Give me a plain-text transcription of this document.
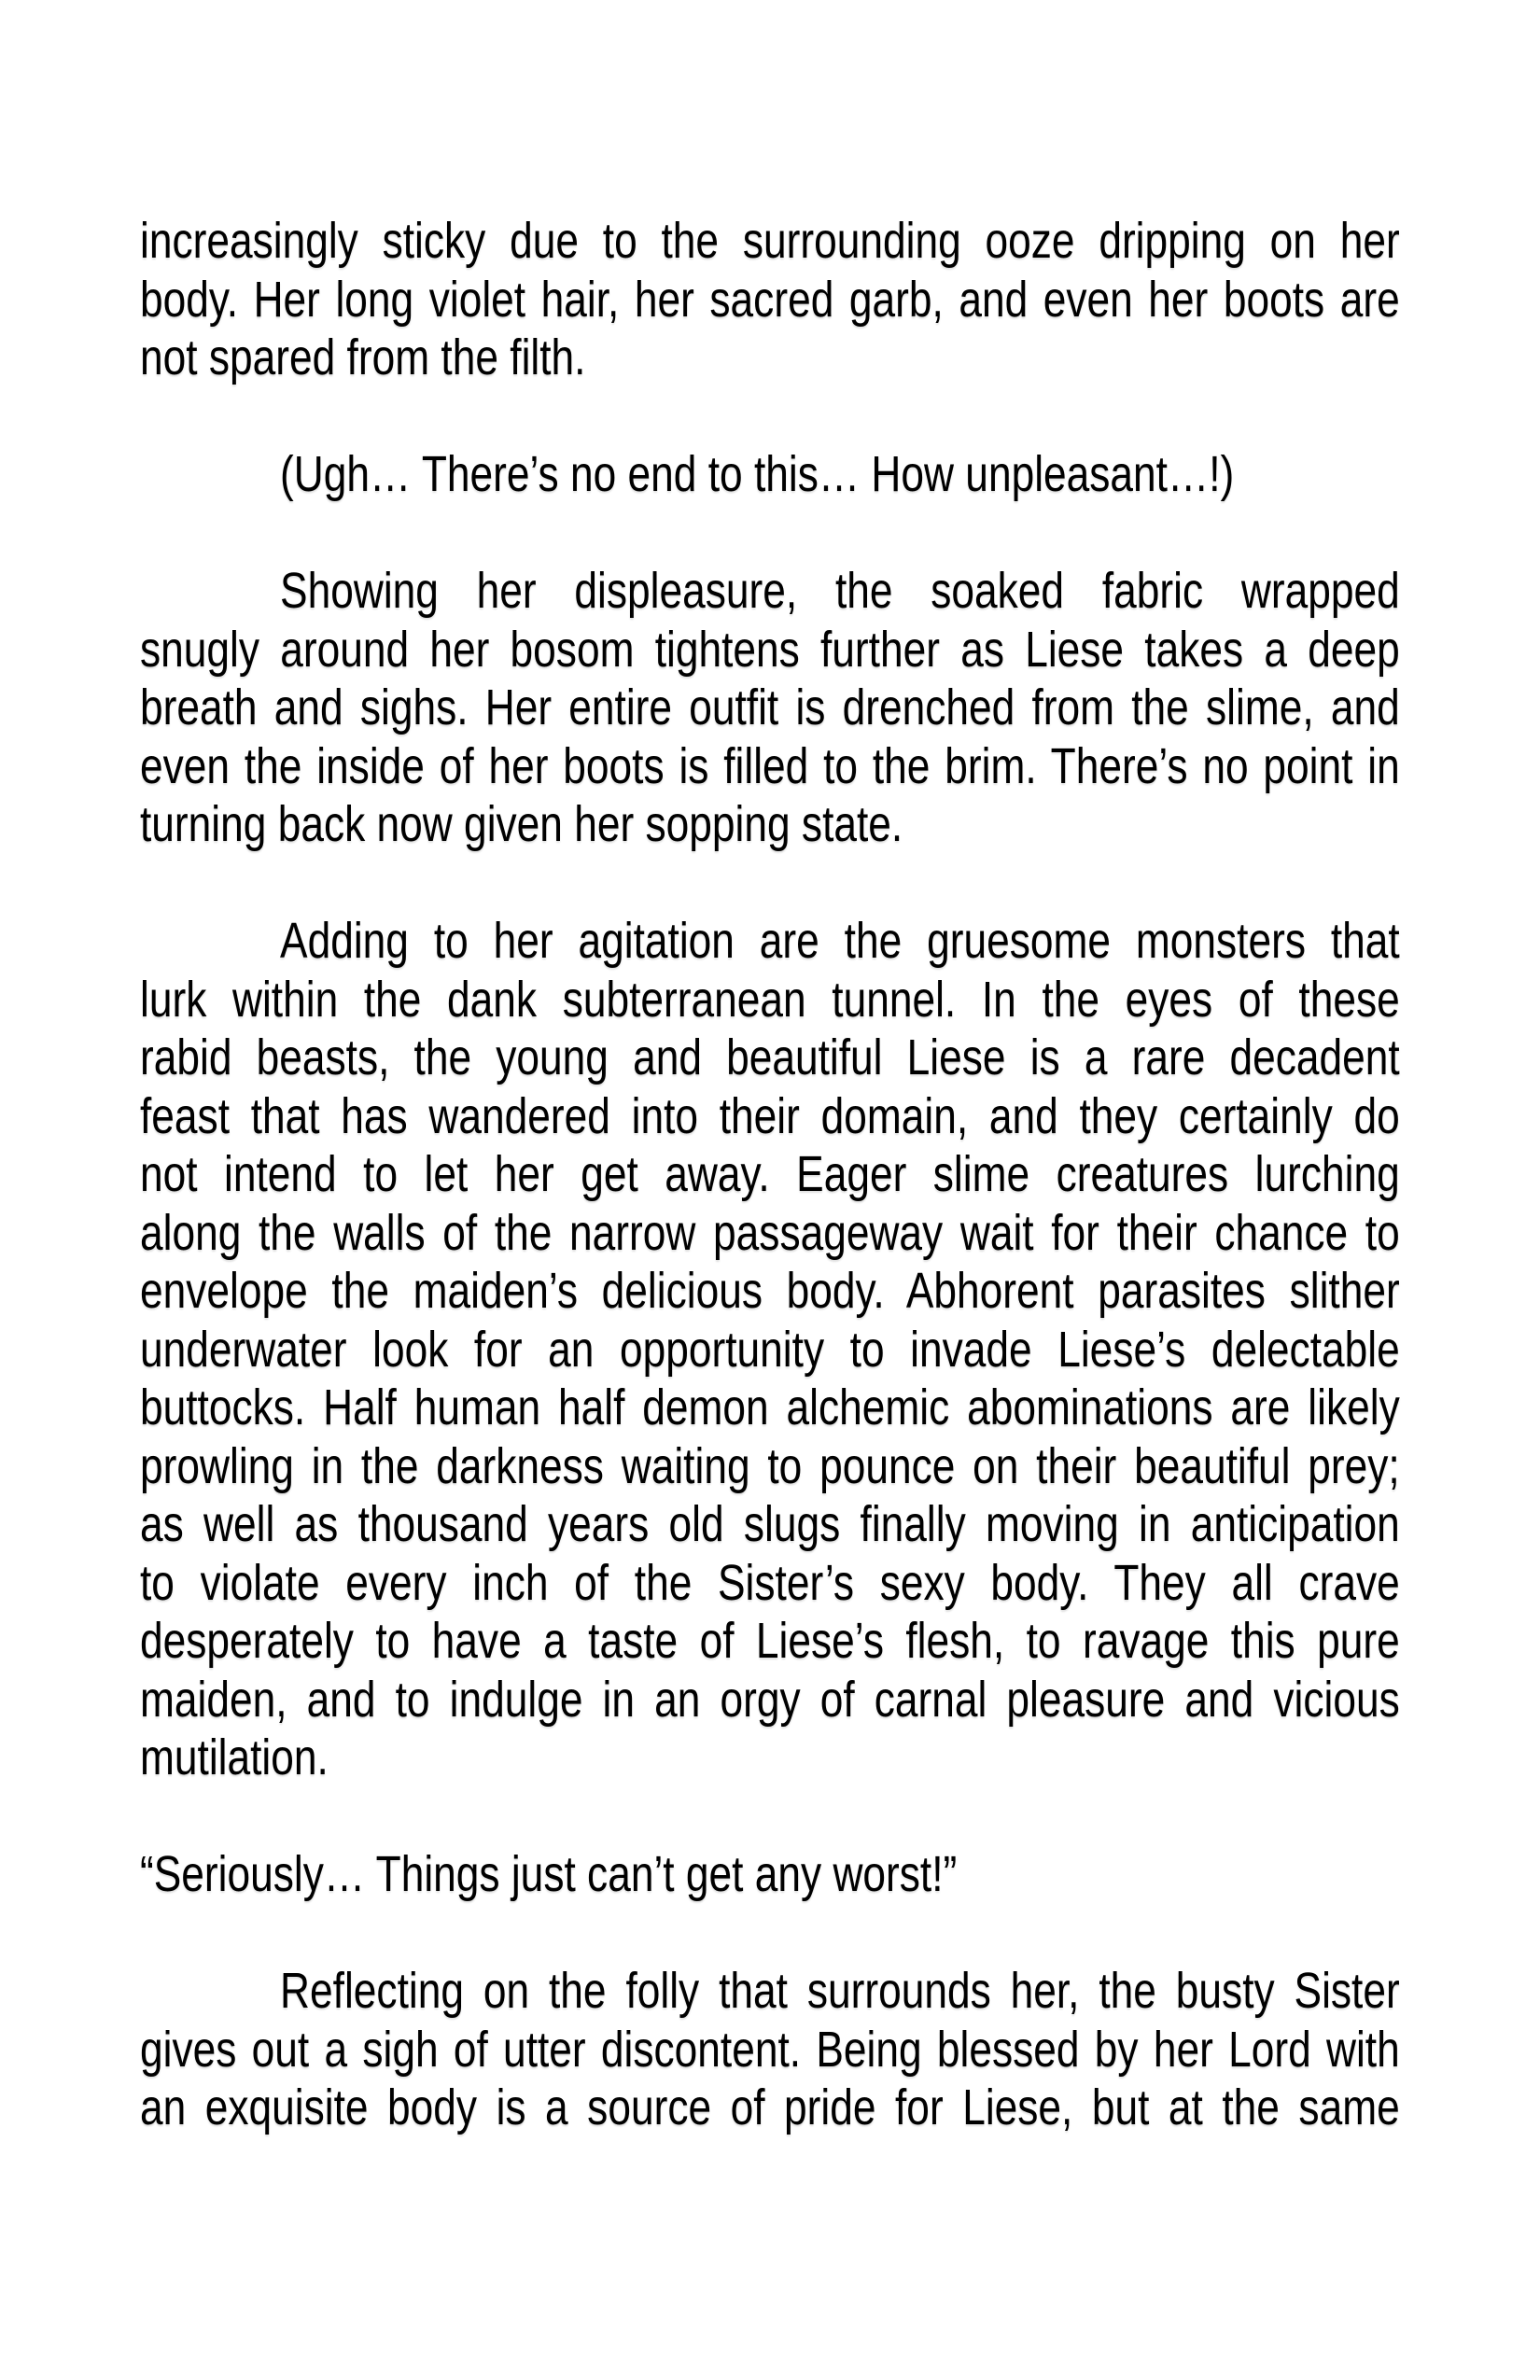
increasingly sticky due to the surrounding ooze dripping on her
body. Her long violet hair, her sacred garb, and even her boots are
not spared from the filth.
(Ugh… There’s no end to this… How unpleasant…!)
Showing her displeasure, the soaked fabric wrapped
snugly around her bosom tightens further as Liese takes a deep
breath and sighs. Her entire outfit is drenched from the slime, and
even the inside of her boots is filled to the brim. There’s no point in
turning back now given her sopping state.
Adding to her agitation are the gruesome monsters that
lurk within the dank subterranean tunnel. In the eyes of these
rabid beasts, the young and beautiful Liese is a rare decadent
feast that has wandered into their domain, and they certainly do
not intend to let her get away. Eager slime creatures lurching
along the walls of the narrow passageway wait for their chance to
envelope the maiden’s delicious body. Abhorent parasites slither
underwater look for an opportunity to invade Liese’s delectable
buttocks. Half human half demon alchemic abominations are likely
prowling in the darkness waiting to pounce on their beautiful prey;
as well as thousand years old slugs finally moving in anticipation
to violate every inch of the Sister’s sexy body. They all crave
desperately to have a taste of Liese’s flesh, to ravage this pure
maiden, and to indulge in an orgy of carnal pleasure and vicious
mutilation.
“Seriously… Things just can’t get any worst!”
Reflecting on the folly that surrounds her, the busty Sister
gives out a sigh of utter discontent. Being blessed by her Lord with
an exquisite body is a source of pride for Liese, but at the same
